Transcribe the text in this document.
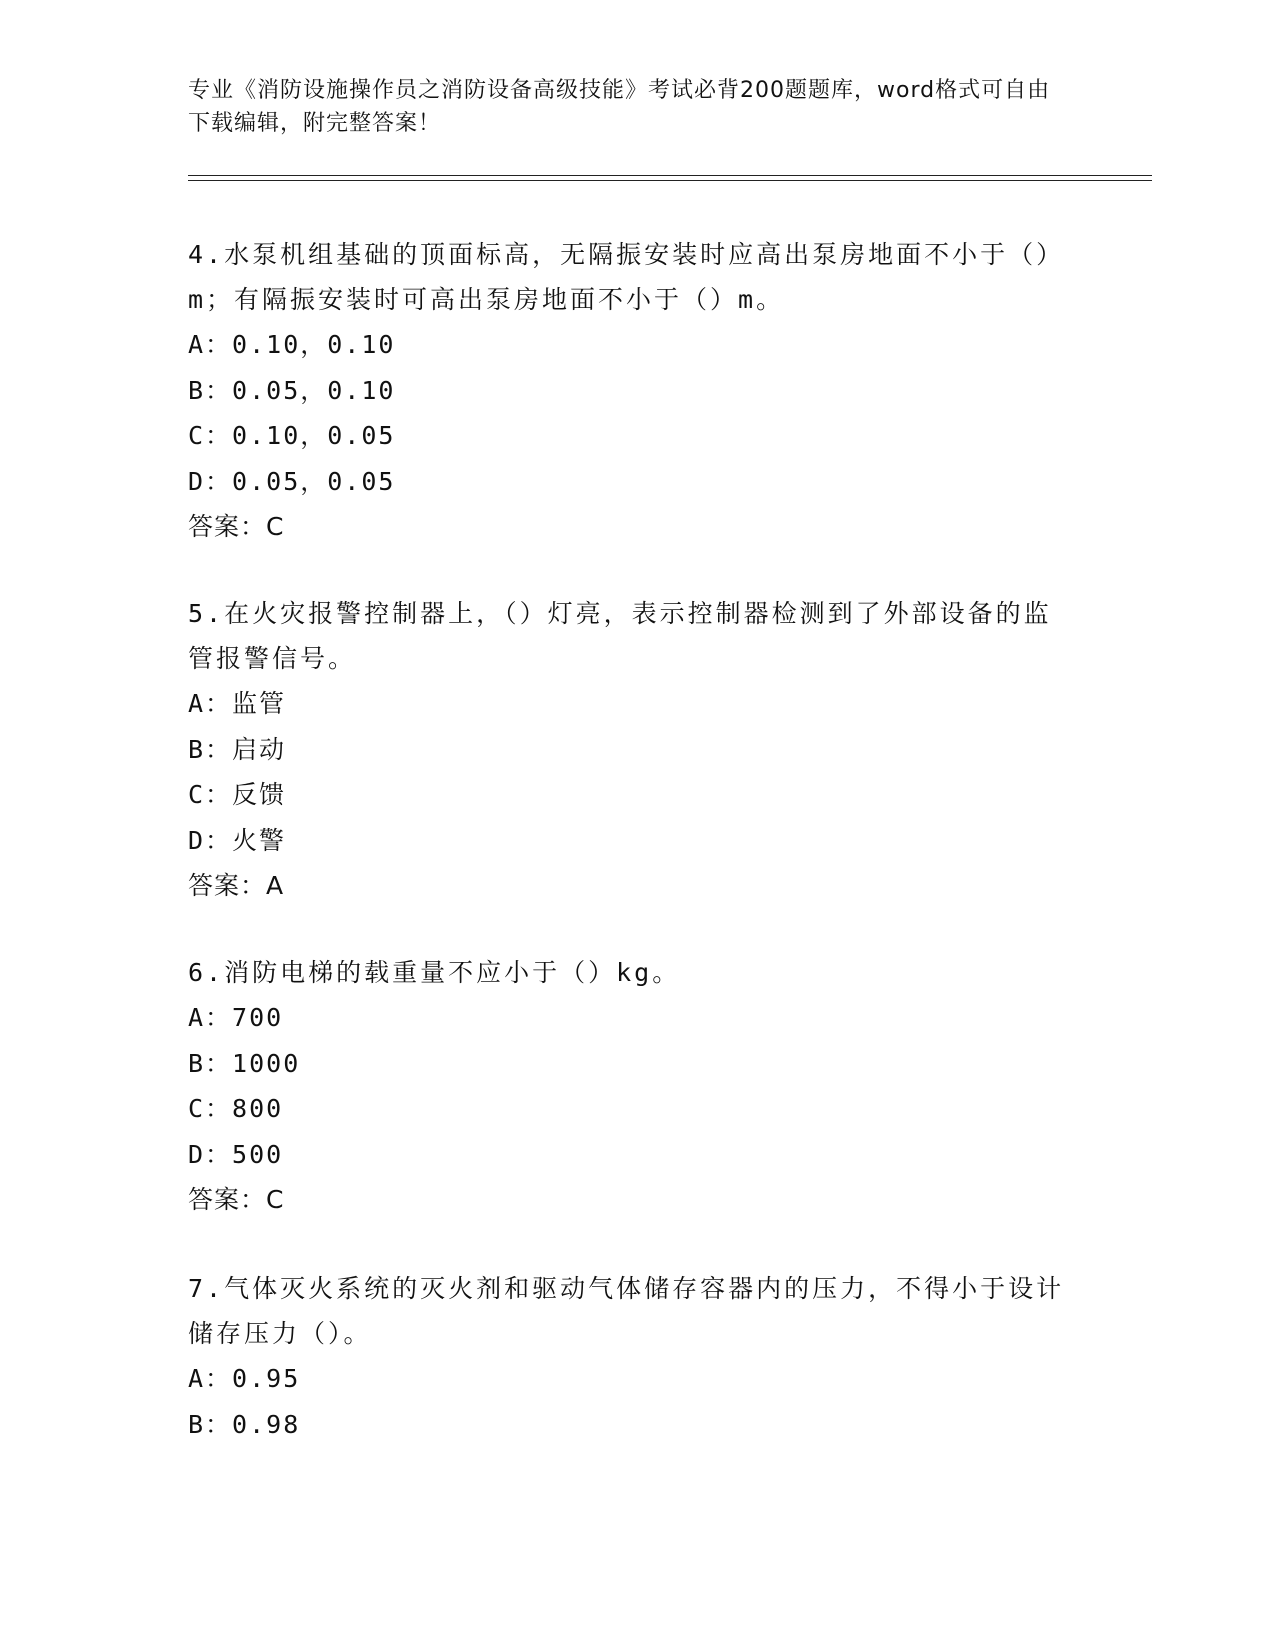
专业《消防设施操作员之消防设备高级技能》考试必背200题题库，word格式可自由下载编辑，附完整答案！
4.水泵机组基础的顶面标高，无隔振安装时应高出泵房地面不小于（）m；有隔振安装时可高出泵房地面不小于（）m。
A：0.10，0.10
B：0.05，0.10
C：0.10，0.05
D：0.05，0.05
答案：C
5.在火灾报警控制器上，（）灯亮，表示控制器检测到了外部设备的监管报警信号。
A：监管
B：启动
C：反馈
D：火警
答案：A
6.消防电梯的载重量不应小于（）kg。
A：700
B：1000
C：800
D：500
答案：C
7.气体灭火系统的灭火剂和驱动气体储存容器内的压力，不得小于设计储存压力（）。
A：0.95
B：0.98
